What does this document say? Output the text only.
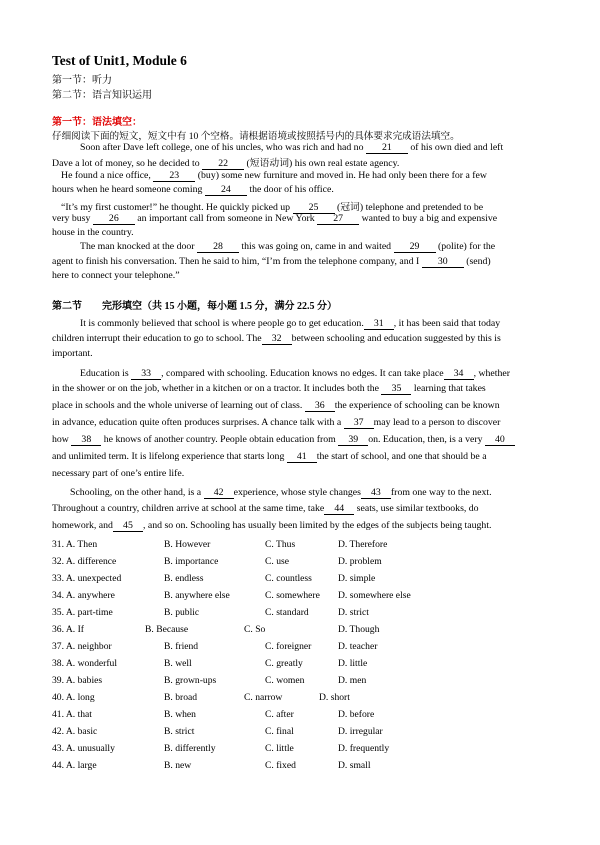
Test of Unit1, Module 6
第一节：听力
第二节：语言知识运用
第一节：语法填空：
仔细阅读下面的短文，短文中有 10 个空格。请根据语境或按照括号内的具体要求完成语法填空。
Soon after Dave left college, one of his uncles, who was rich and had no 21 of his own died and left
Dave a lot of money, so he decided to 22 (短语动词) his own real estate agency.
He found a nice office, 23 (buy) some new furniture and moved in. He had only been there for a few
hours when he heard someone coming 24 the door of his office.
“It’s my first customer!” he thought. He quickly picked up 25 (冠词) telephone and pretended to be
very busy 26 an important call from someone in New York 27 wanted to buy a big and expensive
house in the country.
The man knocked at the door 28 this was going on, came in and waited 29 (polite) for the
agent to finish his conversation. Then he said to him, “I’m from the telephone company, and I 30 (send)
here to connect your telephone.”
第二节　　完形填空（共 15 小题，每小题 1.5 分，满分 22.5 分）
It is commonly believed that school is where people go to get education. 31 , it has been said that today
children interrupt their education to go to school. The 32 between schooling and education suggested by this is
important.
Education is 33 , compared with schooling. Education knows no edges. It can take place 34 , whether
in the shower or on the job, whether in a kitchen or on a tractor. It includes both the 35 learning that takes
place in schools and the whole universe of learning out of class. 36 the experience of schooling can be known
in advance, education quite often produces surprises. A chance talk with a 37 may lead to a person to discover
how 38 he knows of another country. People obtain education from 39 on. Education, then, is a very 40
and unlimited term. It is lifelong experience that starts long 41 the start of school, and one that should be a
necessary part of one’s entire life.
Schooling, on the other hand, is a 42 experience, whose style changes 43 from one way to the next.
Throughout a country, children arrive at school at the same time, take 44 seats, use similar textbooks, do
homework, and 45 , and so on. Schooling has usually been limited by the edges of the subjects being taught.
31. A. Then	B. However	C. Thus	D. Therefore
32. A. difference	B. importance	C. use	D. problem
33. A. unexpected	B. endless	C. countless	D. simple
34. A. anywhere	B. anywhere else	C. somewhere D. somewhere else
35. A. part-time	B. public	C. standard	D. strict
36. A. If	B. Because	C. So	D. Though
37. A. neighbor	B. friend	C. foreigner	D. teacher
38. A. wonderful	B. well	C. greatly	D. little
39. A. babies	B. grown-ups	C. women	D. men
40. A. long	B. broad	C. narrow	D. short
41. A. that	B. when	C. after	D. before
42. A. basic	B. strict	C. final	D. irregular
43. A. unusually	B. differently	C. little	D. frequently
44. A. large	B. new	C. fixed	D. small
